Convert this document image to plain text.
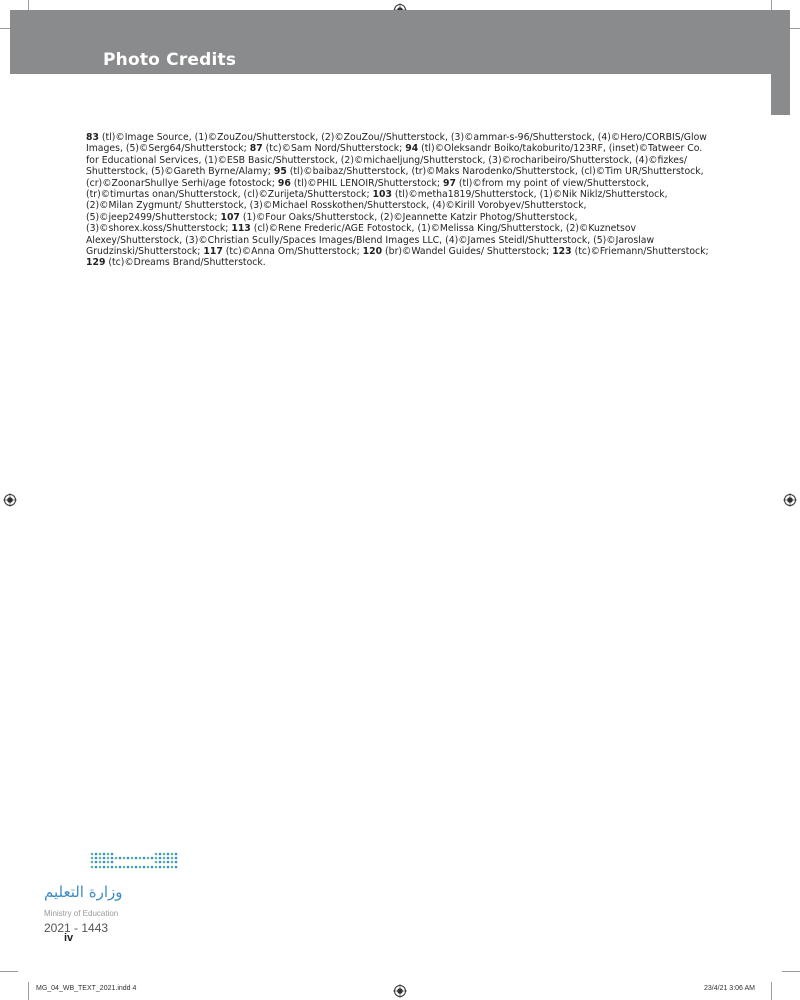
Photo Credits
83 (tl)©Image Source, (1)©ZouZou/Shutterstock, (2)©ZouZou//Shutterstock, (3)©ammar-s-96/Shutterstock, (4)©Hero/CORBIS/Glow Images, (5)©Serg64/Shutterstock; 87 (tc)©Sam Nord/Shutterstock; 94 (tl)©Oleksandr Boiko/takoburito/123RF, (inset)©Tatweer Co. for Educational Services, (1)©ESB Basic/Shutterstock, (2)©michaeljung/Shutterstock, (3)©rocharibeiro/Shutterstock, (4)©fizkes/ Shutterstock, (5)©Gareth Byrne/Alamy; 95 (tl)©baibaz/Shutterstock, (tr)©Maks Narodenko/Shutterstock, (cl)©Tim UR/Shutterstock, (cr)©ZoonarShullye Serhi/age fotostock; 96 (tl)©PHIL LENOIR/Shutterstock; 97 (tl)©from my point of view/Shutterstock, (tr)©timurtas onan/Shutterstock, (cl)©Zurijeta/Shutterstock; 103 (tl)©metha1819/Shutterstock, (1)©Nik Niklz/Shutterstock, (2)©Milan Zygmunt/ Shutterstock, (3)©Michael Rosskothen/Shutterstock, (4)©Kirill Vorobyev/Shutterstock, (5)©jeep2499/Shutterstock; 107 (1)©Four Oaks/Shutterstock, (2)©Jeannette Katzir Photog/Shutterstock, (3)©shorex.koss/Shutterstock; 113 (cl)©Rene Frederic/AGE Fotostock, (1)©Melissa King/Shutterstock, (2)©Kuznetsov Alexey/Shutterstock, (3)©Christian Scully/Spaces Images/Blend Images LLC, (4)©James Steidl/Shutterstock, (5)©Jaroslaw Grudzinski/Shutterstock; 117 (tc)©Anna Om/Shutterstock; 120 (br)©Wandel Guides/ Shutterstock; 123 (tc)©Friemann/Shutterstock; 129 (tc)©Dreams Brand/Shutterstock.
وزارة التعليم
Ministry of Education
2021 - 1443
iv
MG_04_WB_TEXT_2021.indd 4	23/4/21 3:06 AM
